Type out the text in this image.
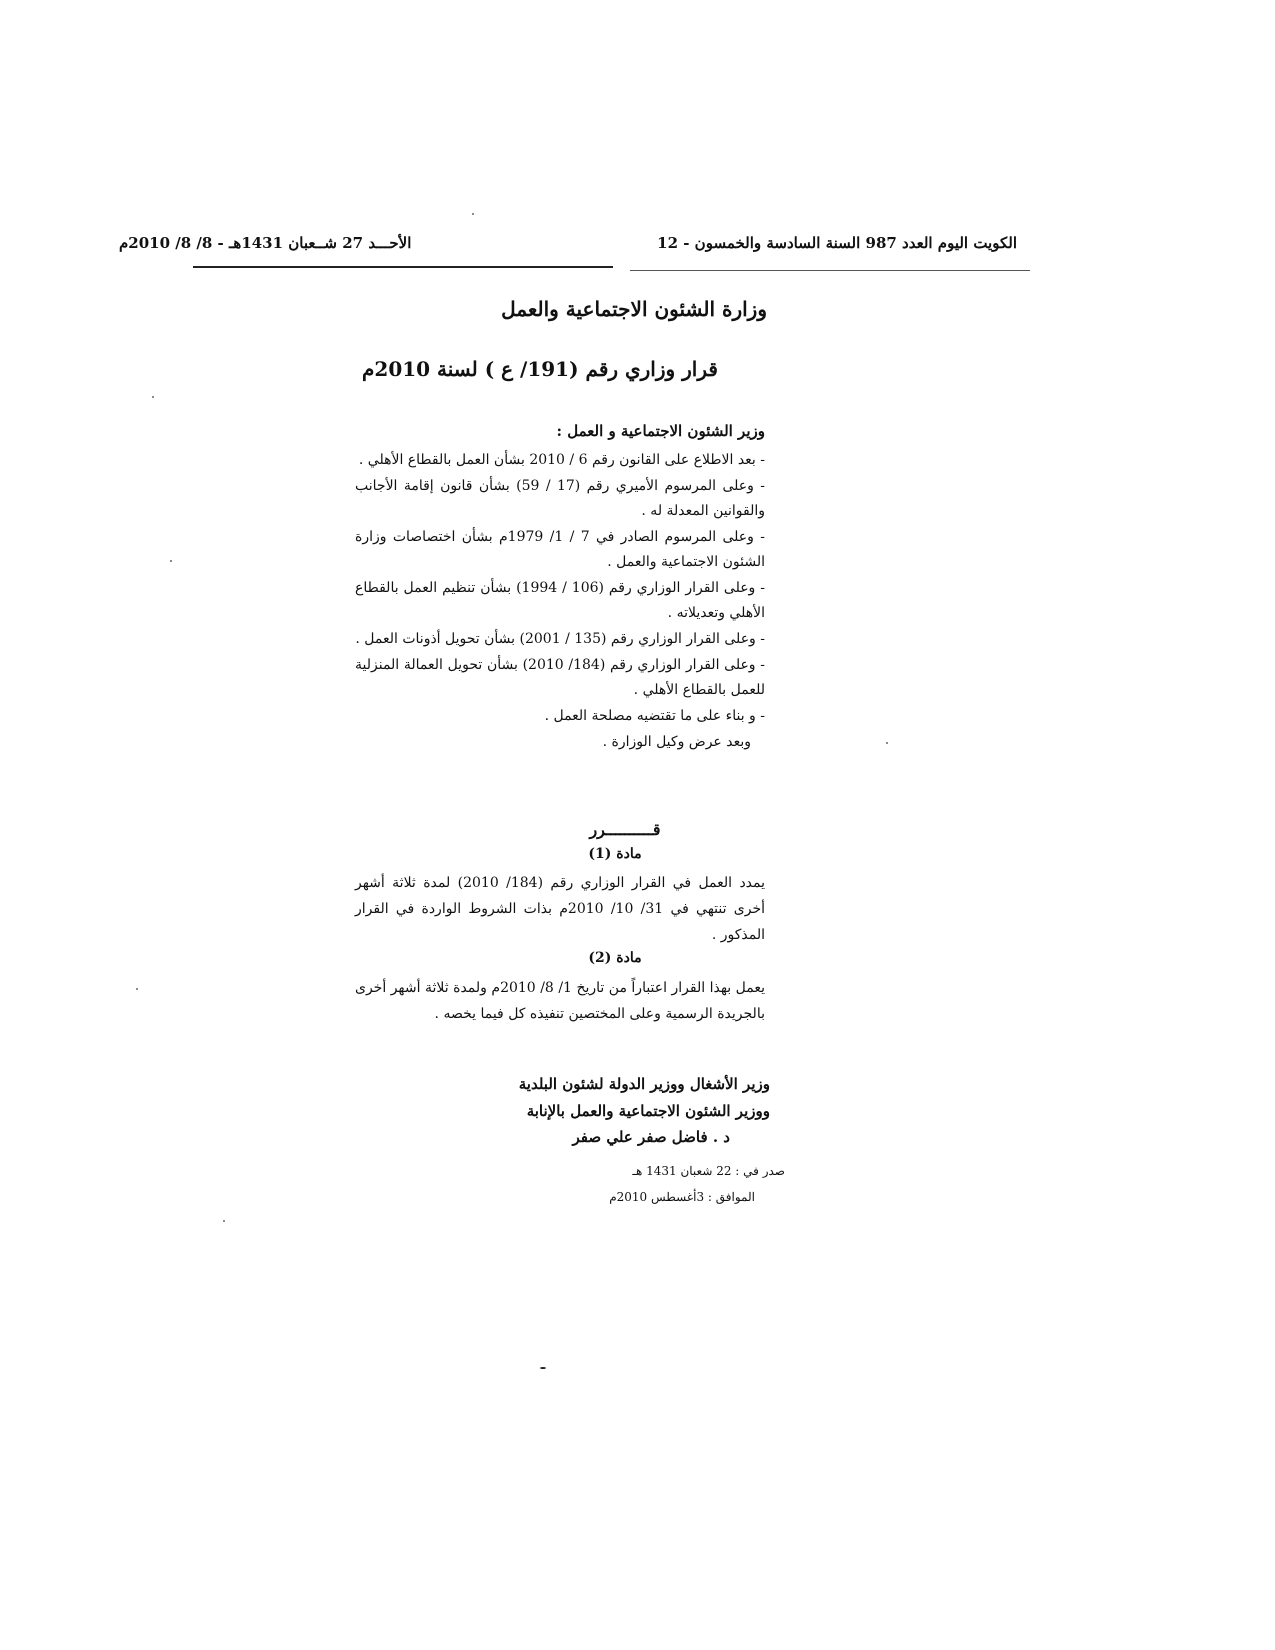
الأحـــد 27 شــعبان 1431هـ - 8/ 8/ 2010م	الكويت اليوم العدد 987 السنة السادسة والخمسون - 12
وزارة الشئون الاجتماعية والعمل
قرار وزاري رقم (191/ ع ) لسنة 2010م
وزير الشئون الاجتماعية و العمل :

- بعد الاطلاع على القانون رقم 6 / 2010 بشأن العمل بالقطاع الأهلي .

- وعلى المرسوم الأميري رقم (17 / 59) بشأن قانون إقامة الأجانب والقوانين المعدلة له .

- وعلى المرسوم الصادر في 7 / 1/ 1979م بشأن اختصاصات وزارة الشئون الاجتماعية والعمل .

- وعلى القرار الوزاري رقم (106 / 1994) بشأن تنظيم العمل بالقطاع الأهلي وتعديلاته .

- وعلى القرار الوزاري رقم (135 / 2001) بشأن تحويل أذونات العمل .

- وعلى القرار الوزاري رقم (184/ 2010) بشأن تحويل العمالة المنزلية للعمل بالقطاع الأهلي .

- و بناء على ما تقتضيه مصلحة العمل .

وبعد عرض وكيل الوزارة .

قــــــــــرر
مادة (1)
يمدد العمل في القرار الوزاري رقم (184/ 2010) لمدة ثلاثة أشهر أخرى تنتهي في 31/ 10/ 2010م بذات الشروط الواردة في القرار المذكور .
مادة (2)
يعمل بهذا القرار اعتباراً من تاريخ 1/ 8/ 2010م ولمدة ثلاثة أشهر أخرى بالجريدة الرسمية وعلى المختصين تنفيذه كل فيما يخصه .
وزير الأشغال ووزير الدولة لشئون البلدية
ووزير الشئون الاجتماعية والعمل بالإنابة
د . فاضل صفر علي صفر
صدر في : 22 شعبان 1431 هـ
الموافق : 3أغسطس 2010م
